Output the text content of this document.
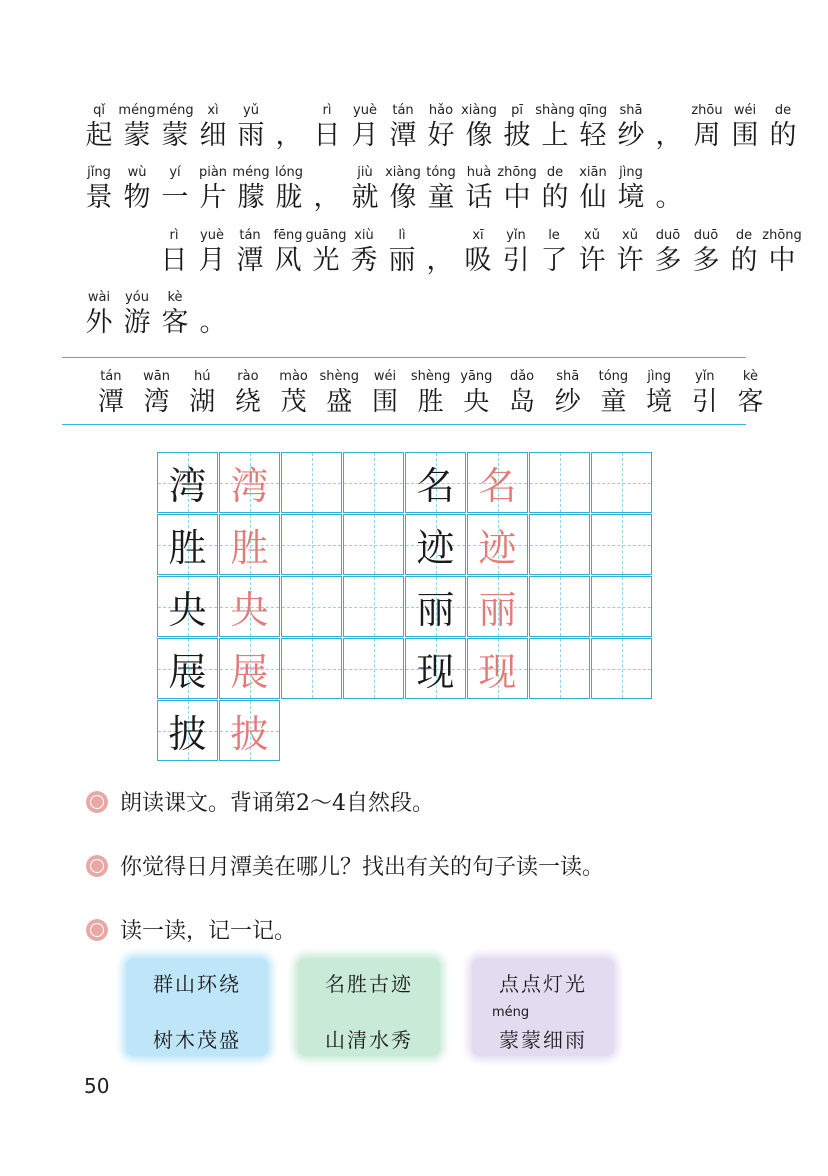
qǐ
起
méng
蒙
méng
蒙
xì
细
yǔ
雨 ，
rì
日
yuè
月
tán
潭
hǎo
好
xiàng
像
pī
披
shàng
上
qīng
轻
shā
纱 ，
zhōu
周
wéi
围
de
的
jǐng
景
wù
物
yí
一
piàn
片
méng
朦
lóng
胧 ，
jiù
就
xiàng
像
tóng
童
huà
话
zhōng
中
de
的
xiān
仙
jìng
境 。
rì
日
yuè
月
tán
潭
fēng
风
guāng
光
xiù
秀
lì
丽 ，
xī
吸
yǐn
引
le
了
xǔ
许
xǔ
许
duō
多
duō
多
de
的
zhōng
中
wài
外
yóu
游
kè
客 。
tán
潭
wān
湾
hú
湖
rào
绕
mào
茂
shèng
盛
wéi
围
shèng
胜
yāng
央
dǎo
岛
shā
纱
tóng
童
jìng
境
yǐn
引
kè
客
湾 湾
胜 胜
央 央
展 展
披 披
名 名
迹 迹
丽 丽
现 现
朗读课文。背诵第2～4自然段。
你觉得日月潭美在哪儿？找出有关的句子读一读。
读一读，记一记。
群山环绕
树木茂盛
名胜古迹
山清水秀
点点灯光
méng
蒙蒙细雨
50
